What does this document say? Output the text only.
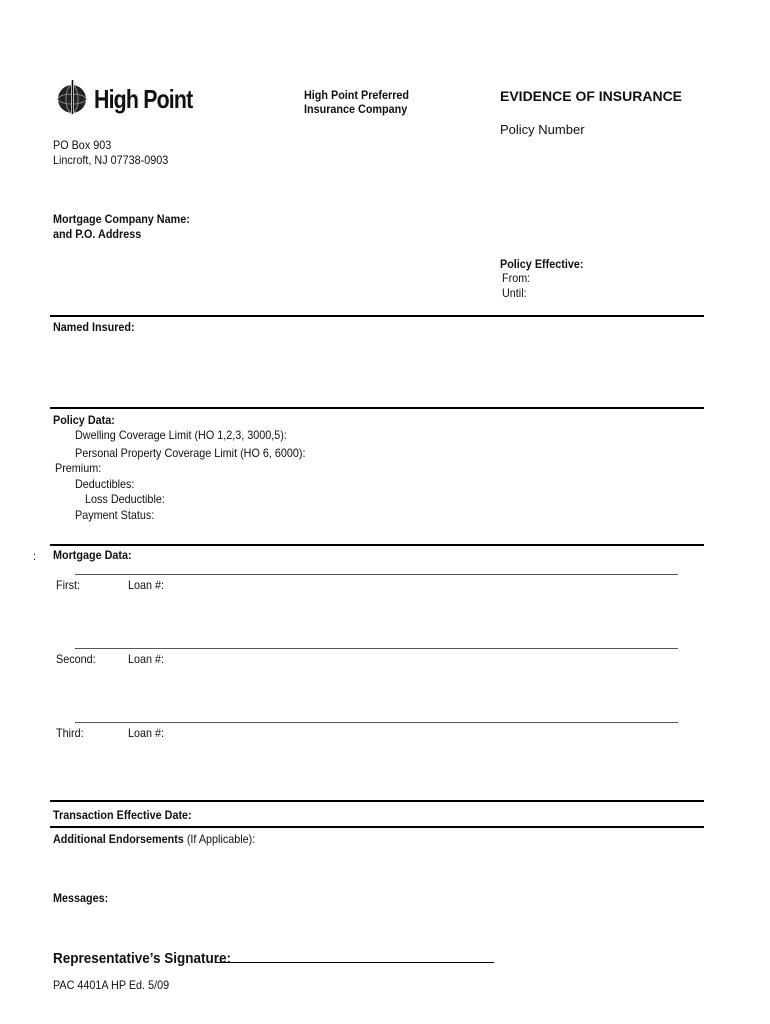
High Point	High Point Preferred
Insurance Company
EVIDENCE OF INSURANCE
Policy Number
PO Box 903
Lincroft, NJ 07738-0903
Mortgage Company Name:
and P.O. Address
Policy Effective:
From:
Until:
Named Insured:
Policy Data:
Dwelling Coverage Limit (HO 1,2,3, 3000,5):
Personal Property Coverage Limit (HO 6, 6000):
Premium:
Deductibles:
Loss Deductible:
Payment Status:
: Mortgage Data:
First:	Loan #:
Second:	Loan #:
Third:	Loan #:
Transaction Effective Date:
Additional Endorsements (If Applicable):
Messages:
Representative’s Signature:
PAC 4401A HP Ed. 5/09
